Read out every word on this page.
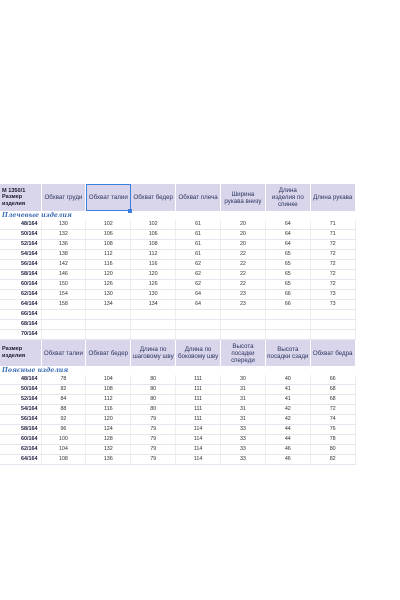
М 1350/1
Размер изделия	Обхват груди	Обхват талии	Обхват бедер	Обхват плеча	Ширина рукава внизу	Длина изделия по спинке	Длина рукава
Плечевые изделия							
48/164	130	102	102	61	20	64	71
50/164	132	106	106	61	20	64	71
52/164	136	108	108	61	20	64	72
54/164	138	112	112	61	22	65	72
56/164	142	116	116	62	22	65	72
58/164	146	120	120	62	22	65	72
60/164	150	126	126	62	22	65	72
62/164	154	130	130	64	23	66	73
64/164	158	134	134	64	23	66	73
66/164							
68/164							
70/164							
Размер изделия	Обхват талии	Обхват бедер	Длина по шаговому шву	Длина по боковому шву	Высота посадки спереди	Высота посадки сзади	Обхват бедра
Поясные изделия							
48/164	78	104	80	111	30	40	66
50/164	82	108	80	111	31	41	68
52/164	84	112	80	111	31	41	68
54/164	88	116	80	111	31	42	72
56/164	92	120	79	111	31	42	74
58/164	96	124	79	114	33	44	76
60/164	100	128	79	114	33	44	78
62/164	104	132	79	114	33	46	80
64/164	108	136	79	114	33	46	82
